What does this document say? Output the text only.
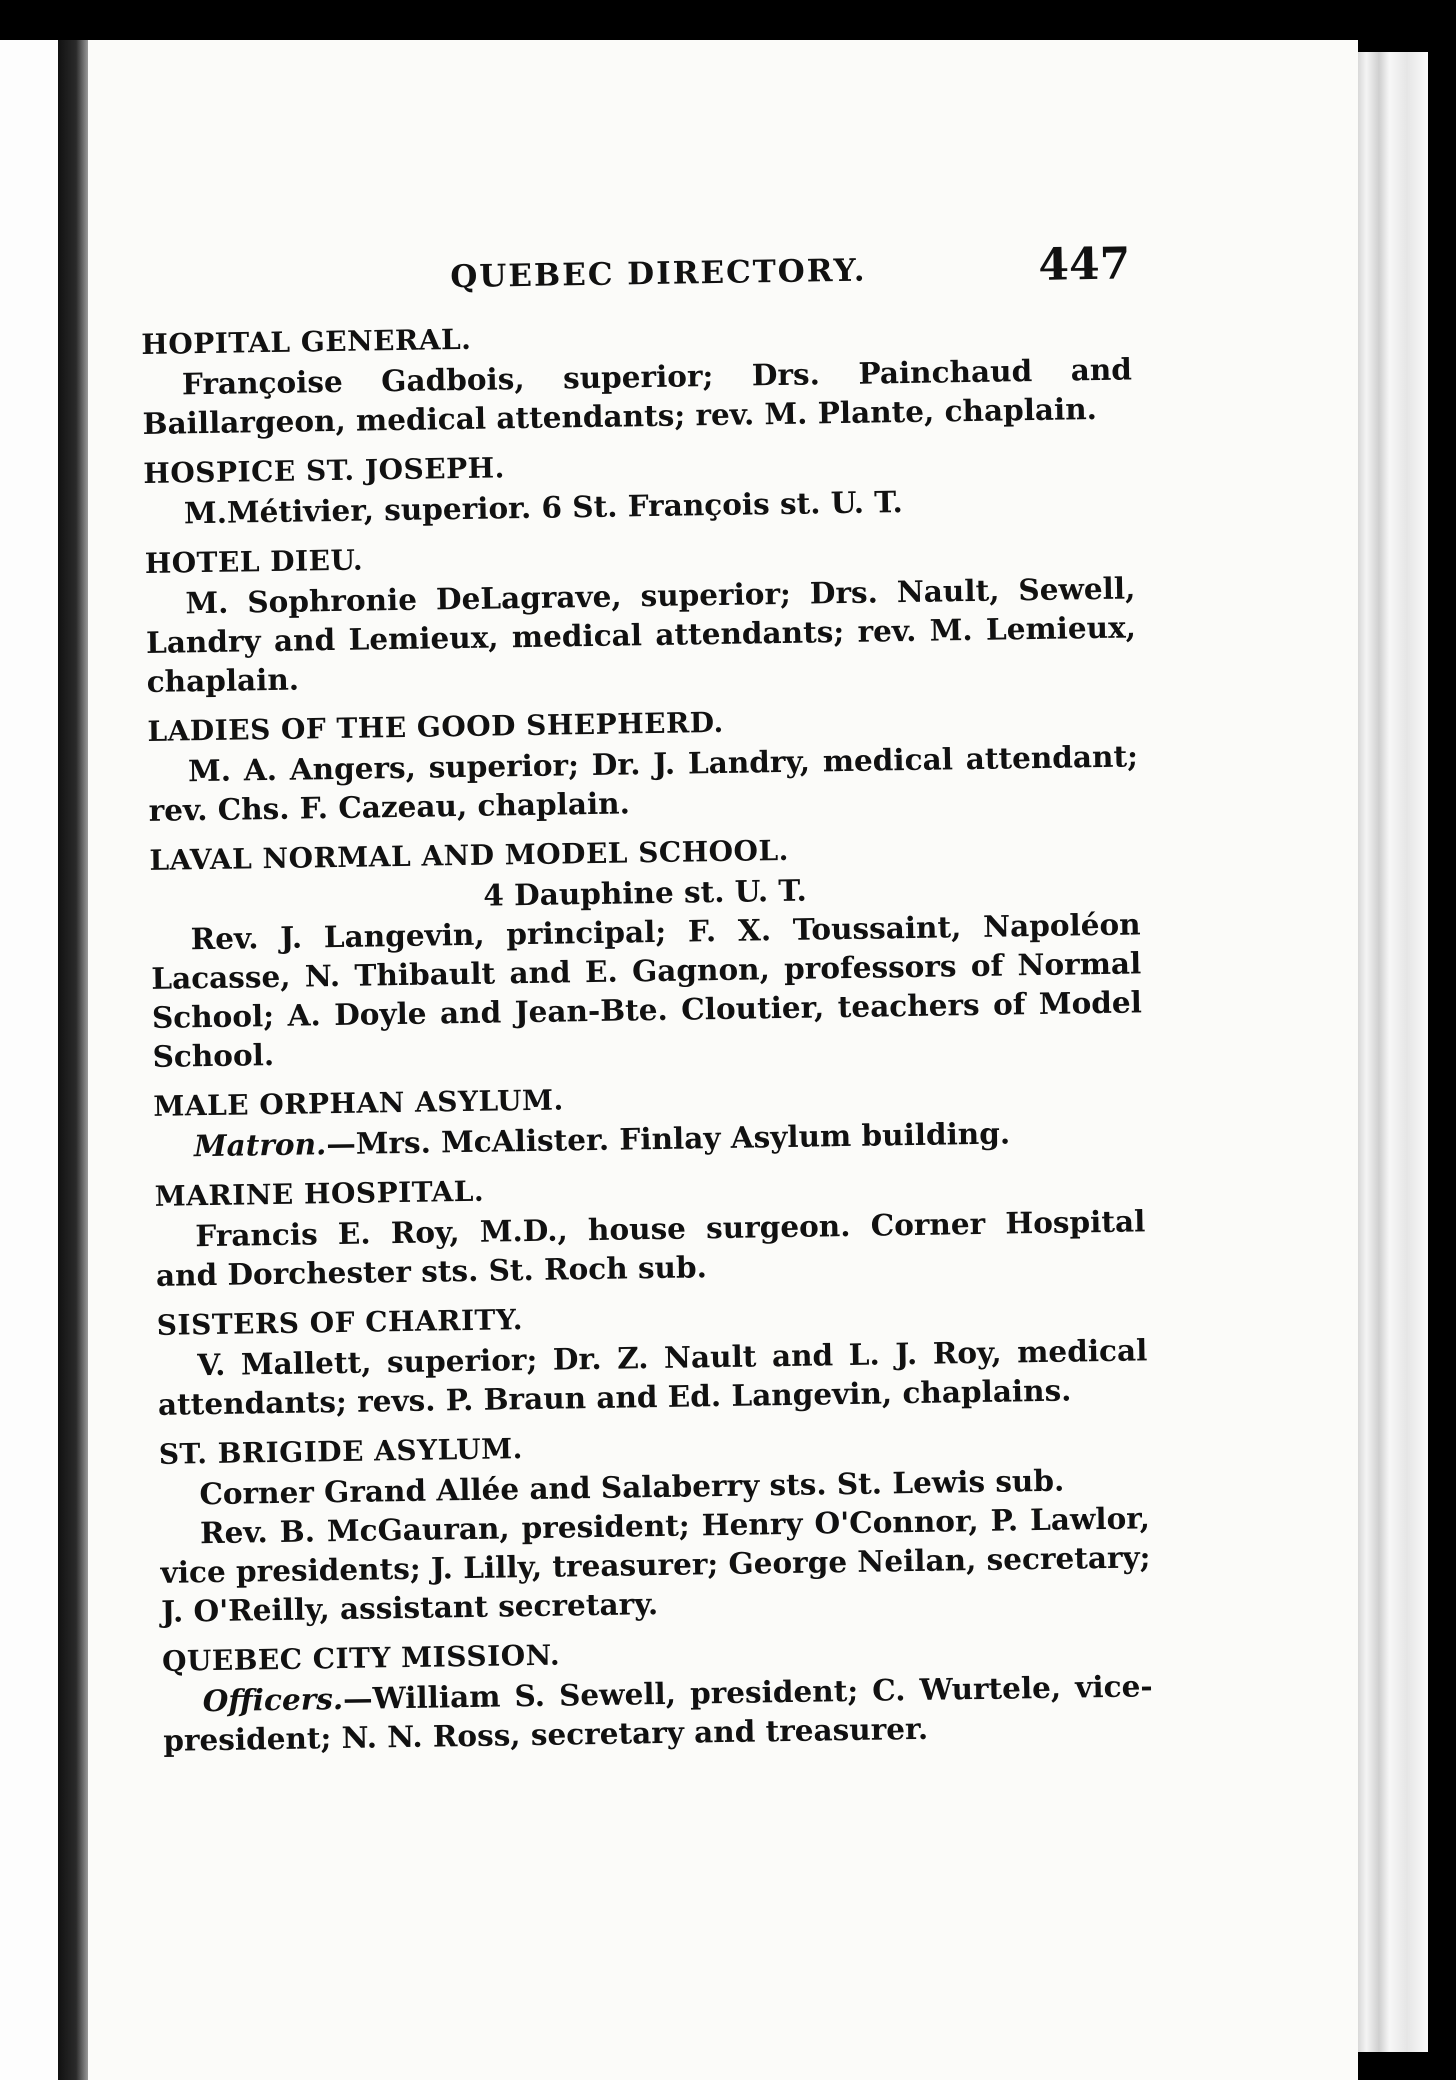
QUEBEC DIRECTORY.	447
HOPITAL GENERAL.
Françoise Gadbois, superior; Drs. Painchaud and Baillargeon, medical attendants; rev. M. Plante, chaplain.
HOSPICE ST. JOSEPH.
M.Métivier, superior. 6 St. François st. U. T.
HOTEL DIEU.
M. Sophronie DeLagrave, superior; Drs. Nault, Sewell, Landry and Lemieux, medical attendants; rev. M. Lemieux, chaplain.
LADIES OF THE GOOD SHEPHERD.
M. A. Angers, superior; Dr. J. Landry, medical attendant; rev. Chs. F. Cazeau, chaplain.
LAVAL NORMAL AND MODEL SCHOOL.
4 Dauphine st. U. T.
Rev. J. Langevin, principal; F. X. Toussaint, Napoléon Lacasse, N. Thibault and E. Gagnon, professors of Normal School; A. Doyle and Jean-Bte. Cloutier, teachers of Model School.
MALE ORPHAN ASYLUM.
Matron.—Mrs. McAlister. Finlay Asylum building.
MARINE HOSPITAL.
Francis E. Roy, M.D., house surgeon. Corner Hospital and Dorchester sts. St. Roch sub.
SISTERS OF CHARITY.
V. Mallett, superior; Dr. Z. Nault and L. J. Roy, medical attendants; revs. P. Braun and Ed. Langevin, chaplains.
ST. BRIGIDE ASYLUM.
Corner Grand Allée and Salaberry sts. St. Lewis sub.
Rev. B. McGauran, president; Henry O'Connor, P. Lawlor, vice presidents; J. Lilly, treasurer; George Neilan, secretary; J. O'Reilly, assistant secretary.
QUEBEC CITY MISSION.
Officers.—William S. Sewell, president; C. Wurtele, vice-president; N. N. Ross, secretary and treasurer.
